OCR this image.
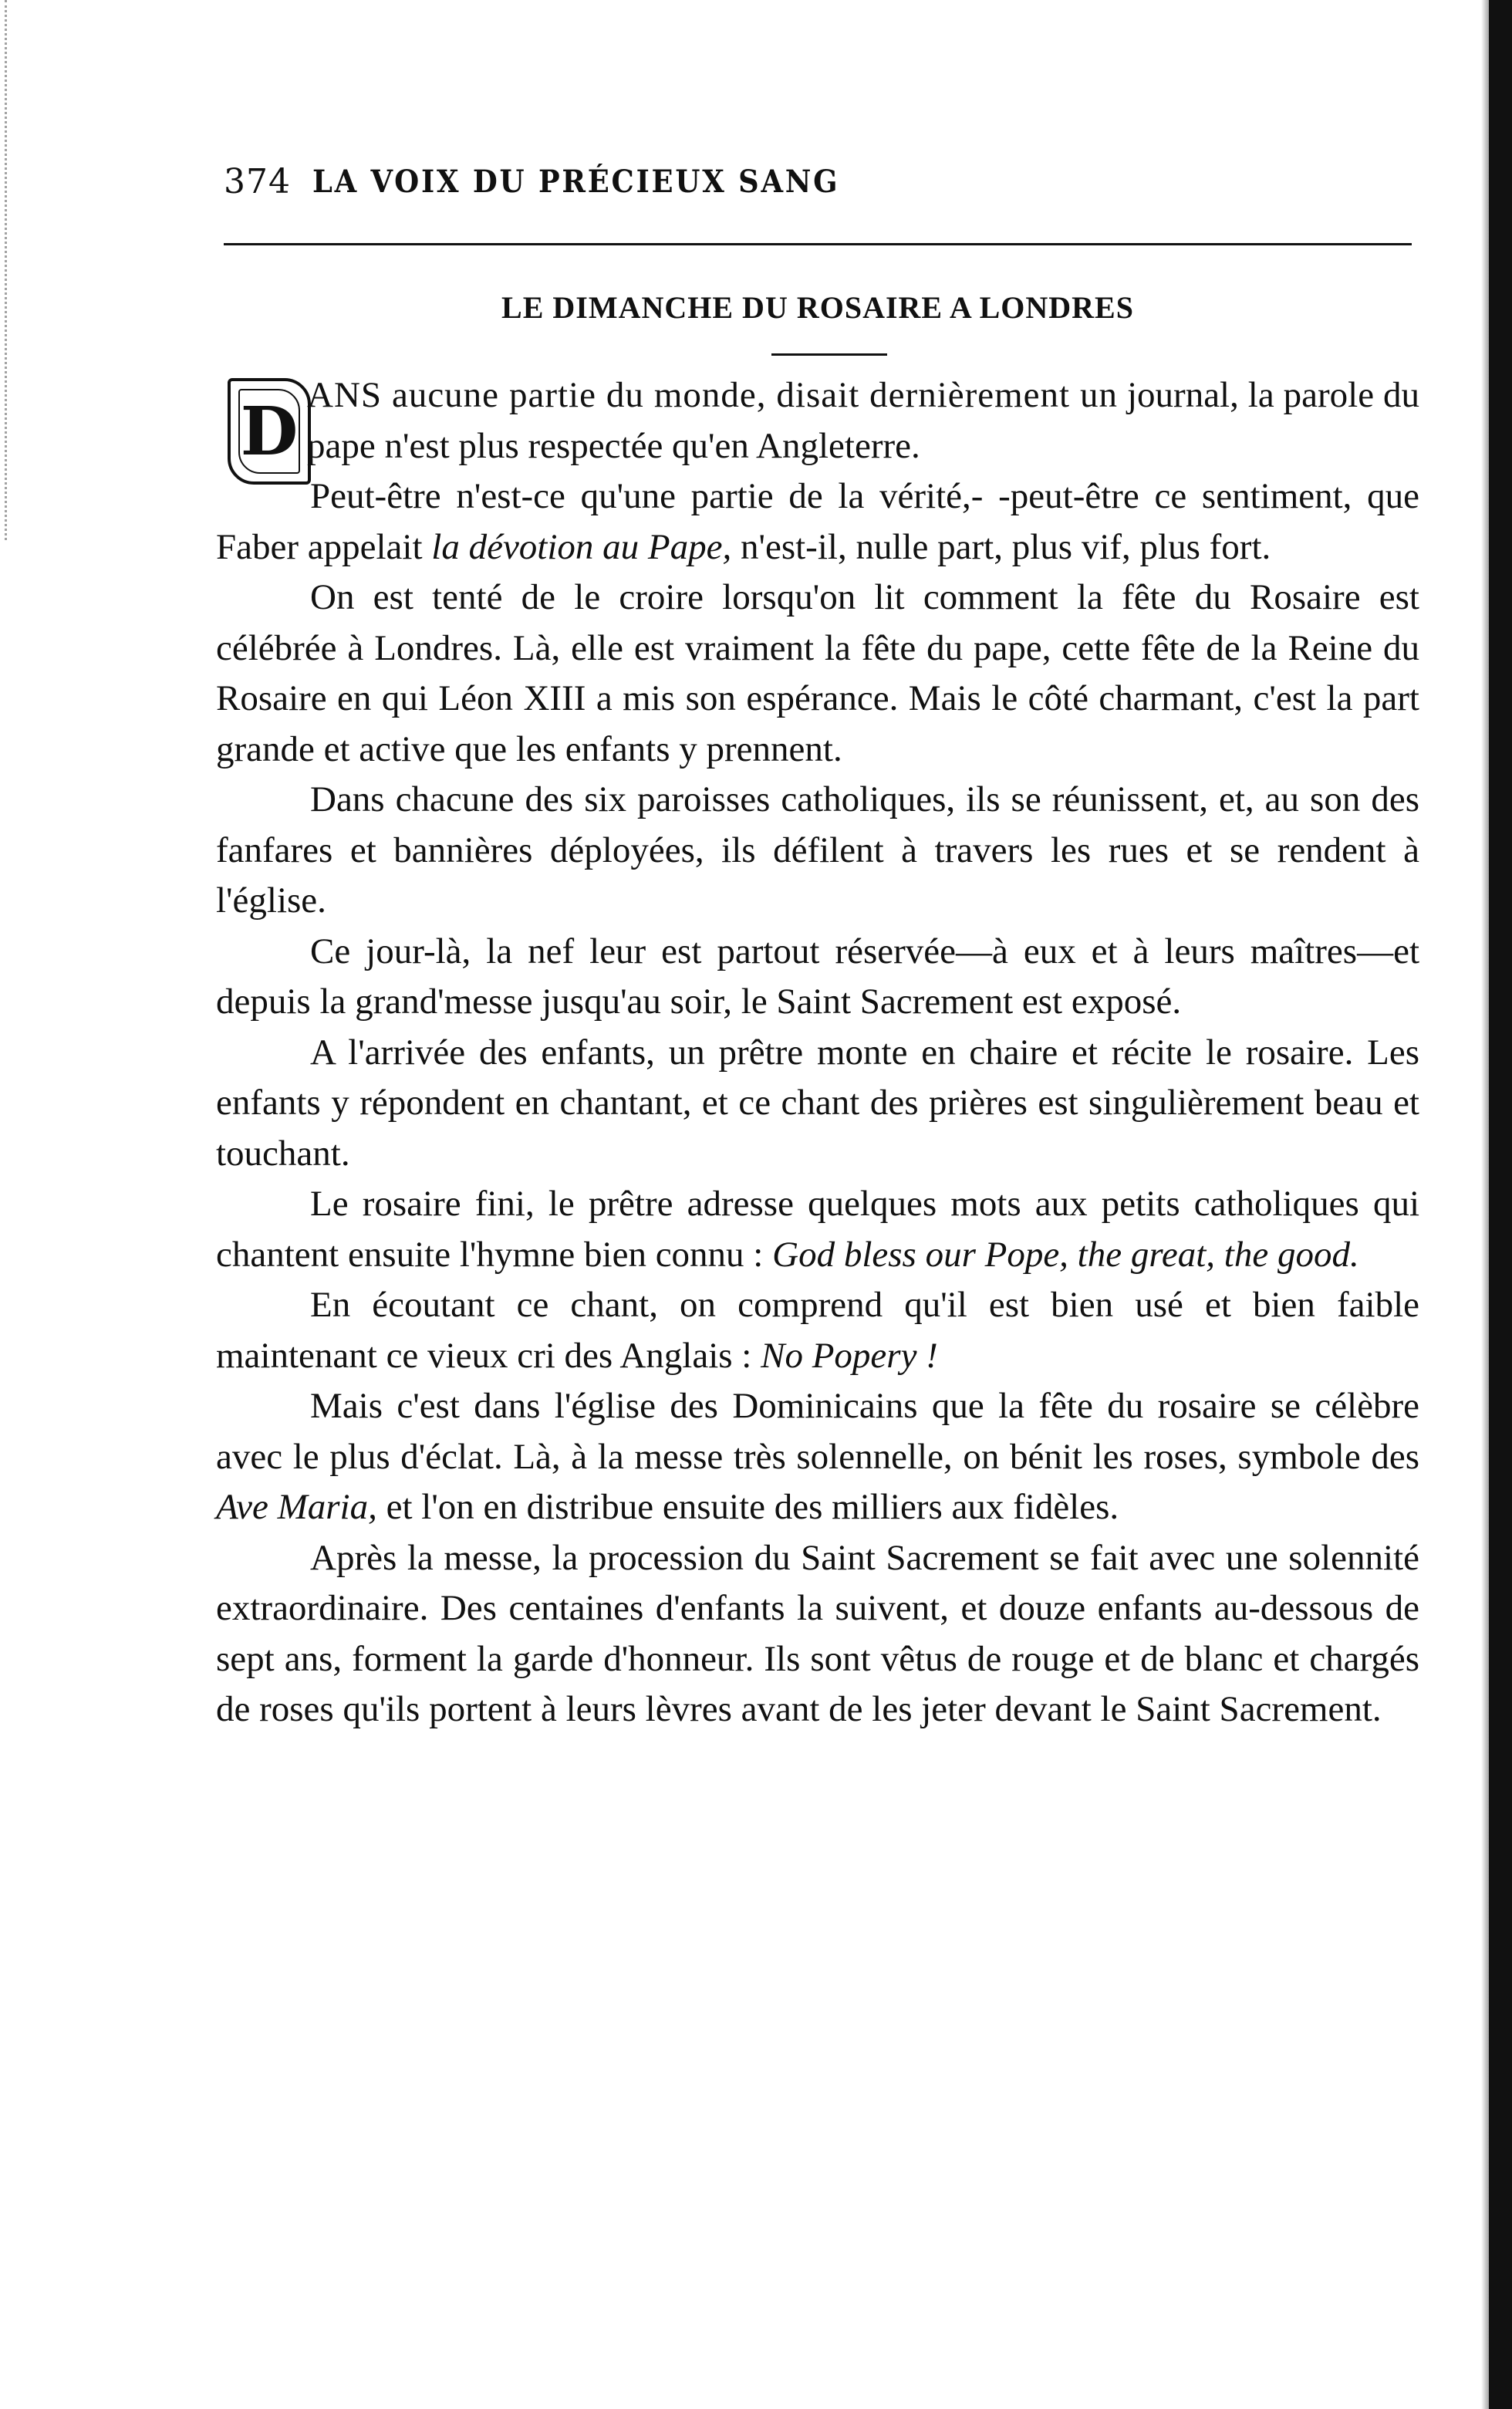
374 LA VOIX DU PRÉCIEUX SANG
LE DIMANCHE DU ROSAIRE A LONDRES
D ANS aucune partie du monde, disait dernièrement un journal, la parole du pape n'est plus respectée qu'en Angleterre.

Peut-être n'est-ce qu'une partie de la vérité,- -peut-être ce sentiment, que Faber appelait la dévotion au Pape, n'est-il, nulle part, plus vif, plus fort.

On est tenté de le croire lorsqu'on lit comment la fête du Rosaire est célébrée à Londres. Là, elle est vraiment la fête du pape, cette fête de la Reine du Rosaire en qui Léon XIII a mis son espérance. Mais le côté charmant, c'est la part grande et active que les enfants y prennent.

Dans chacune des six paroisses catholiques, ils se réunissent, et, au son des fanfares et bannières déployées, ils défilent à travers les rues et se rendent à l'église.

Ce jour-là, la nef leur est partout réservée—à eux et à leurs maîtres—et depuis la grand'messe jusqu'au soir, le Saint Sacrement est exposé.

A l'arrivée des enfants, un prêtre monte en chaire et récite le rosaire. Les enfants y répondent en chantant, et ce chant des prières est singulièrement beau et touchant.

Le rosaire fini, le prêtre adresse quelques mots aux petits catholiques qui chantent ensuite l'hymne bien connu : God bless our Pope, the great, the good.

En écoutant ce chant, on comprend qu'il est bien usé et bien faible maintenant ce vieux cri des Anglais : No Popery !

Mais c'est dans l'église des Dominicains que la fête du rosaire se célèbre avec le plus d'éclat. Là, à la messe très solennelle, on bénit les roses, symbole des Ave Maria, et l'on en distribue ensuite des milliers aux fidèles.

Après la messe, la procession du Saint Sacrement se fait avec une solennité extraordinaire. Des centaines d'enfants la suivent, et douze enfants au-dessous de sept ans, forment la garde d'honneur. Ils sont vêtus de rouge et de blanc et chargés de roses qu'ils portent à leurs lèvres avant de les jeter devant le Saint Sacrement.
